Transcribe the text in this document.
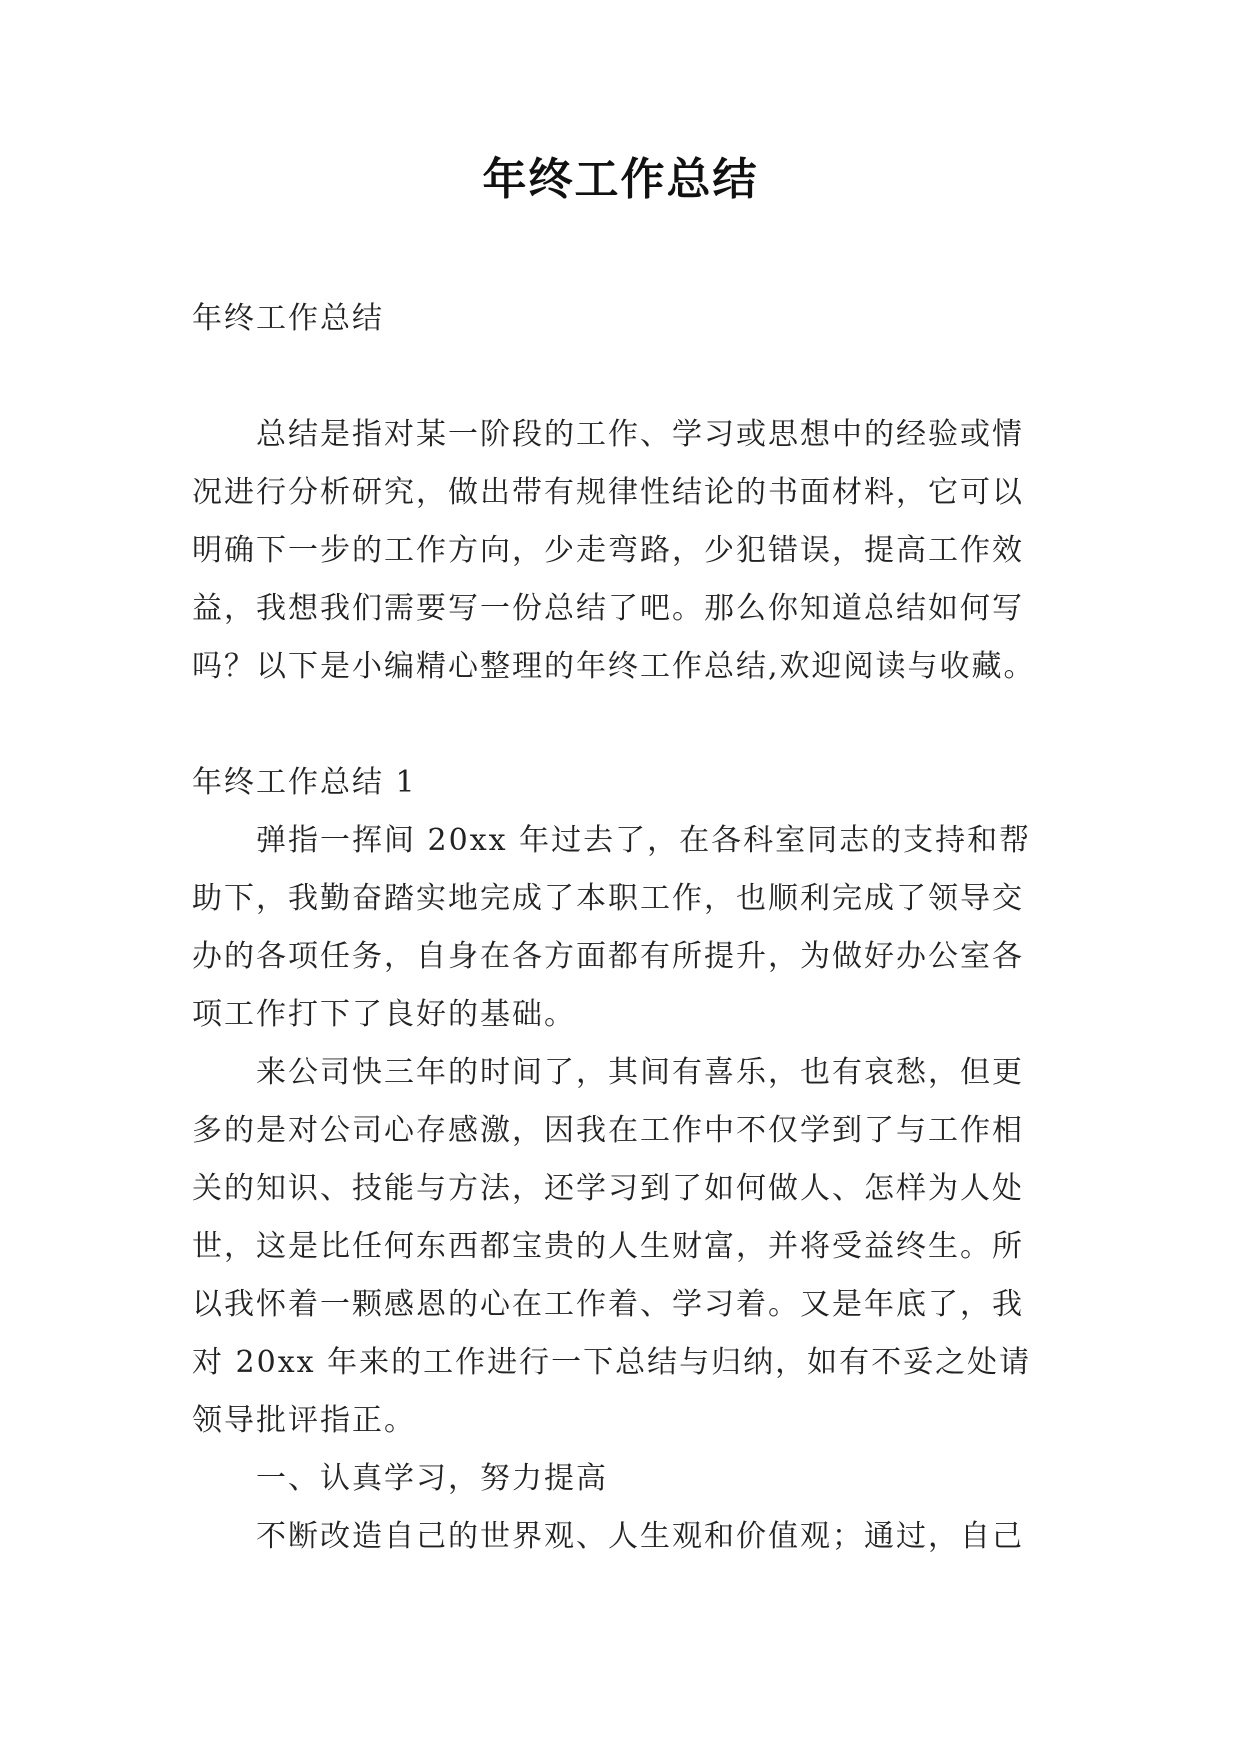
年终工作总结
年终工作总结
总结是指对某一阶段的工作、学习或思想中的经验或情
况进行分析研究，做出带有规律性结论的书面材料，它可以
明确下一步的工作方向，少走弯路，少犯错误，提高工作效
益，我想我们需要写一份总结了吧。那么你知道总结如何写
吗？以下是小编精心整理的年终工作总结,欢迎阅读与收藏。
年终工作总结 1
弹指一挥间 20xx 年过去了，在各科室同志的支持和帮
助下，我勤奋踏实地完成了本职工作，也顺利完成了领导交
办的各项任务，自身在各方面都有所提升，为做好办公室各
项工作打下了良好的基础。
来公司快三年的时间了，其间有喜乐，也有哀愁，但更
多的是对公司心存感激，因我在工作中不仅学到了与工作相
关的知识、技能与方法，还学习到了如何做人、怎样为人处
世，这是比任何东西都宝贵的人生财富，并将受益终生。所
以我怀着一颗感恩的心在工作着、学习着。又是年底了，我
对 20xx 年来的工作进行一下总结与归纳，如有不妥之处请
领导批评指正。
一、认真学习，努力提高
不断改造自己的世界观、人生观和价值观；通过，自己
